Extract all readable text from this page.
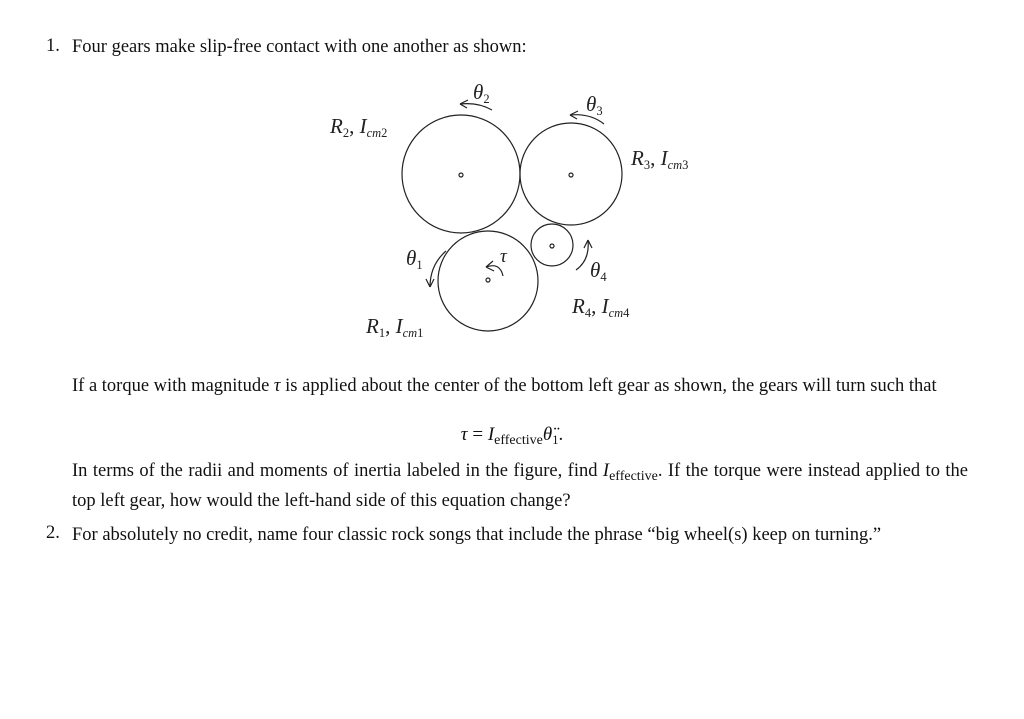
1. Four gears make slip-free contact with one another as shown:
$\theta_2$	$\theta_3$
$\theta_1$	$\theta_4$
τ
$R_2$, Icm$_2$
$R_3$, Icm$_3$
$R_4$, Icm$_4$
$R_1$, Icm$_1$
If a torque with magnitude τ is applied about the center of the bottom left gear as shown, the gears will turn such that
$\tau = I_{effective}\thetä_1$.
In terms of the radii and moments of inertia labeled in the figure, find $I_{effective}$. If the torque were instead applied to the top left gear, how would the left-hand side of this equation change?
2. For absolutely no credit, name four classic rock songs that include the phrase “big wheel(s) keep on turning.”
